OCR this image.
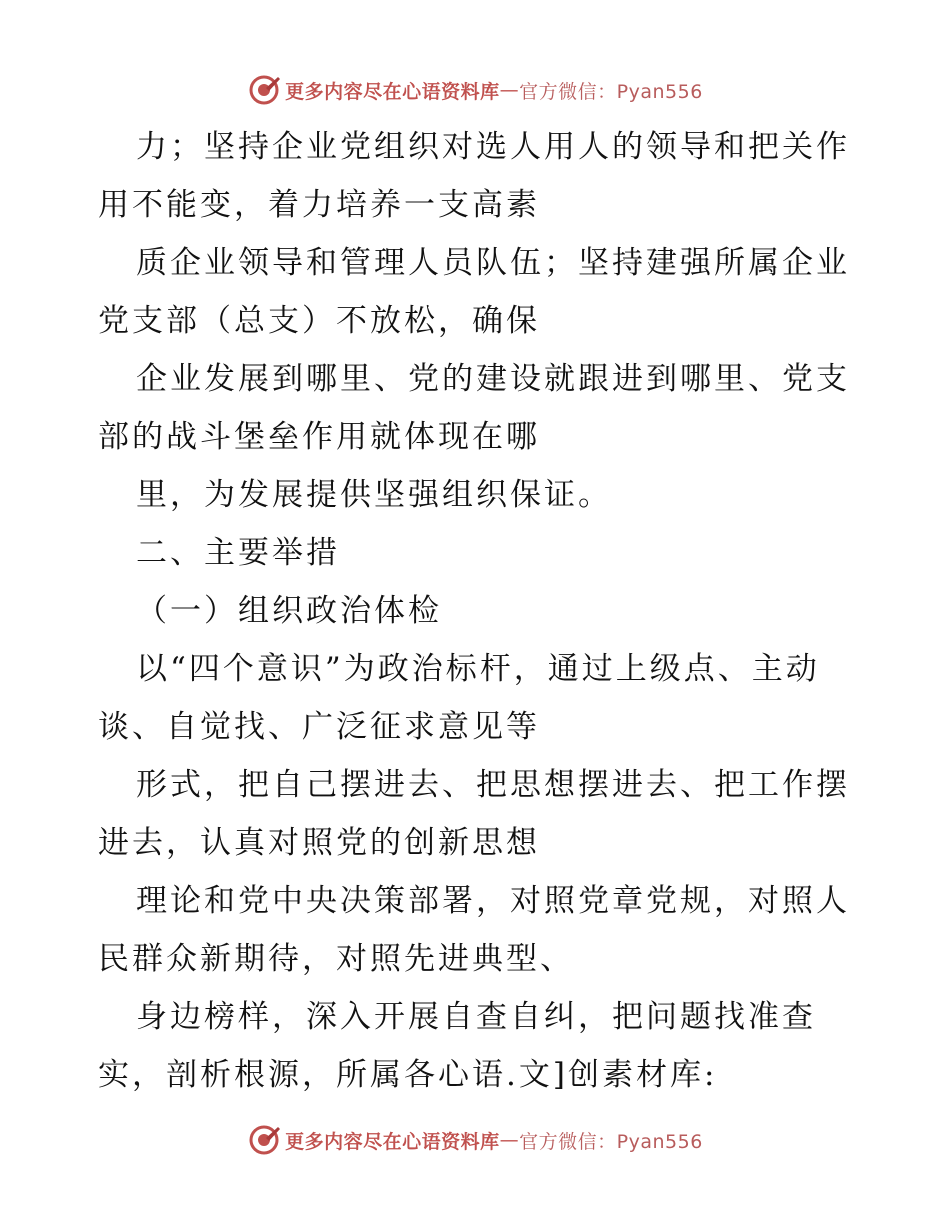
更多内容尽在心语资料库 — 官方微信：Pyan556
力；坚持企业党组织对选人用人的领导和把关作
用不能变，着力培养一支高素
质企业领导和管理人员队伍；坚持建强所属企业
党支部（总支）不放松，确保
企业发展到哪里、党的建设就跟进到哪里、党支
部的战斗堡垒作用就体现在哪
里，为发展提供坚强组织保证。
二、主要举措
（一）组织政治体检
以“四个意识”为政治标杆，通过上级点、主动
谈、自觉找、广泛征求意见等
形式，把自己摆进去、把思想摆进去、把工作摆
进去，认真对照党的创新思想
理论和党中央决策部署，对照党章党规，对照人
民群众新期待，对照先进典型、
身边榜样，深入开展自查自纠，把问题找准查
实，剖析根源，所属各心语.文]创素材库:
更多内容尽在心语资料库 — 官方微信：Pyan556
